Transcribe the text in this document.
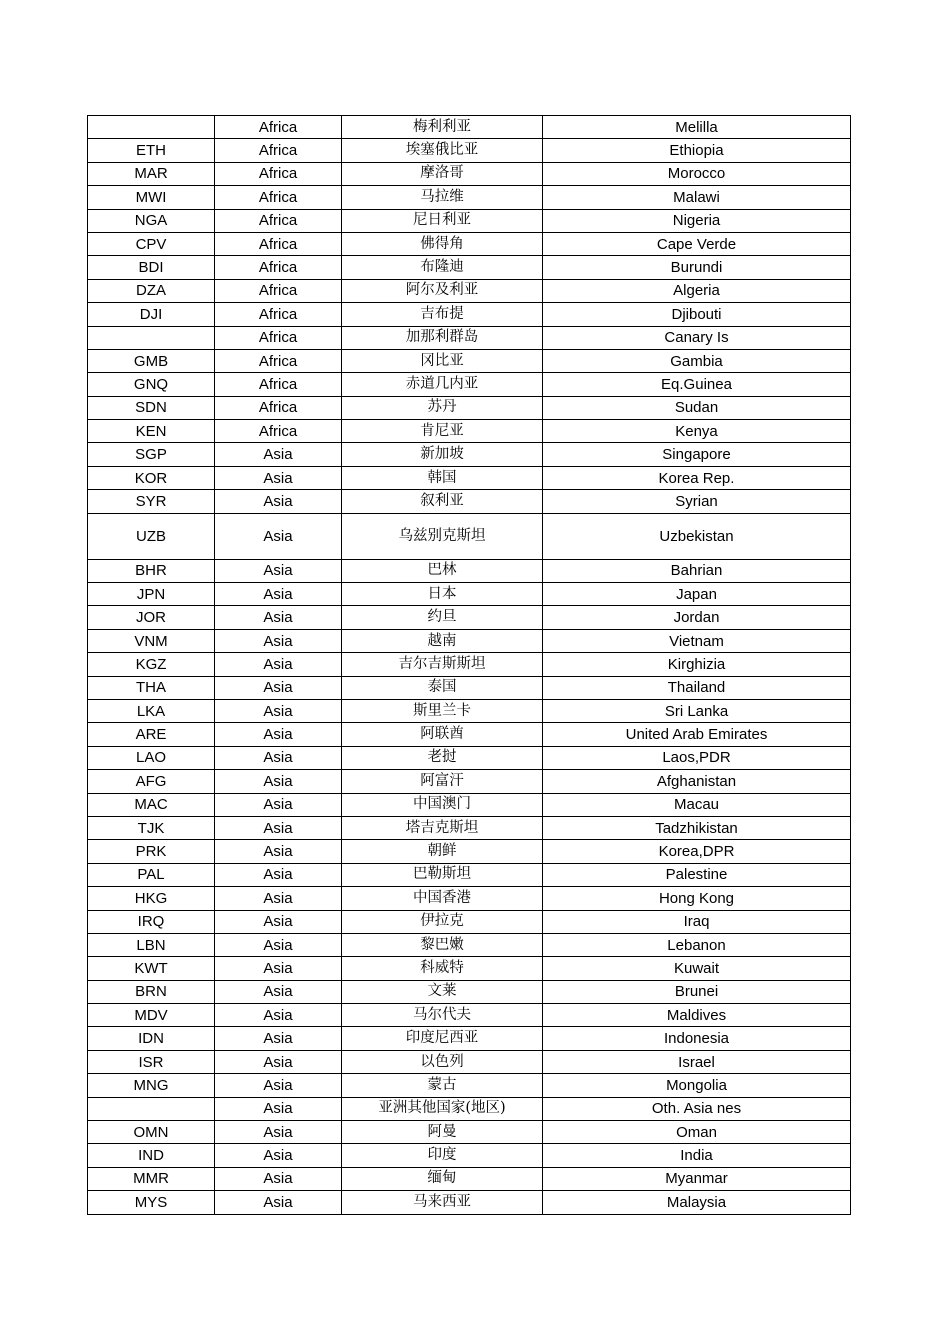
	Africa	梅利利亚	Melilla
ETH	Africa	埃塞俄比亚	Ethiopia
MAR	Africa	摩洛哥	Morocco
MWI	Africa	马拉维	Malawi
NGA	Africa	尼日利亚	Nigeria
CPV	Africa	佛得角	Cape Verde
BDI	Africa	布隆迪	Burundi
DZA	Africa	阿尔及利亚	Algeria
DJI	Africa	吉布提	Djibouti
	Africa	加那利群岛	Canary Is
GMB	Africa	冈比亚	Gambia
GNQ	Africa	赤道几内亚	Eq.Guinea
SDN	Africa	苏丹	Sudan
KEN	Africa	肯尼亚	Kenya
SGP	Asia	新加坡	Singapore
KOR	Asia	韩国	Korea Rep.
SYR	Asia	叙利亚	Syrian
UZB	Asia	乌兹别克斯坦	Uzbekistan
BHR	Asia	巴林	Bahrian
JPN	Asia	日本	Japan
JOR	Asia	约旦	Jordan
VNM	Asia	越南	Vietnam
KGZ	Asia	吉尔吉斯斯坦	Kirghizia
THA	Asia	泰国	Thailand
LKA	Asia	斯里兰卡	Sri Lanka
ARE	Asia	阿联酋	United Arab Emirates
LAO	Asia	老挝	Laos,PDR
AFG	Asia	阿富汗	Afghanistan
MAC	Asia	中国澳门	Macau
TJK	Asia	塔吉克斯坦	Tadzhikistan
PRK	Asia	朝鲜	Korea,DPR
PAL	Asia	巴勒斯坦	Palestine
HKG	Asia	中国香港	Hong Kong
IRQ	Asia	伊拉克	Iraq
LBN	Asia	黎巴嫩	Lebanon
KWT	Asia	科威特	Kuwait
BRN	Asia	文莱	Brunei
MDV	Asia	马尔代夫	Maldives
IDN	Asia	印度尼西亚	Indonesia
ISR	Asia	以色列	Israel
MNG	Asia	蒙古	Mongolia
	Asia	亚洲其他国家(地区)	Oth. Asia nes
OMN	Asia	阿曼	Oman
IND	Asia	印度	India
MMR	Asia	缅甸	Myanmar
MYS	Asia	马来西亚	Malaysia
